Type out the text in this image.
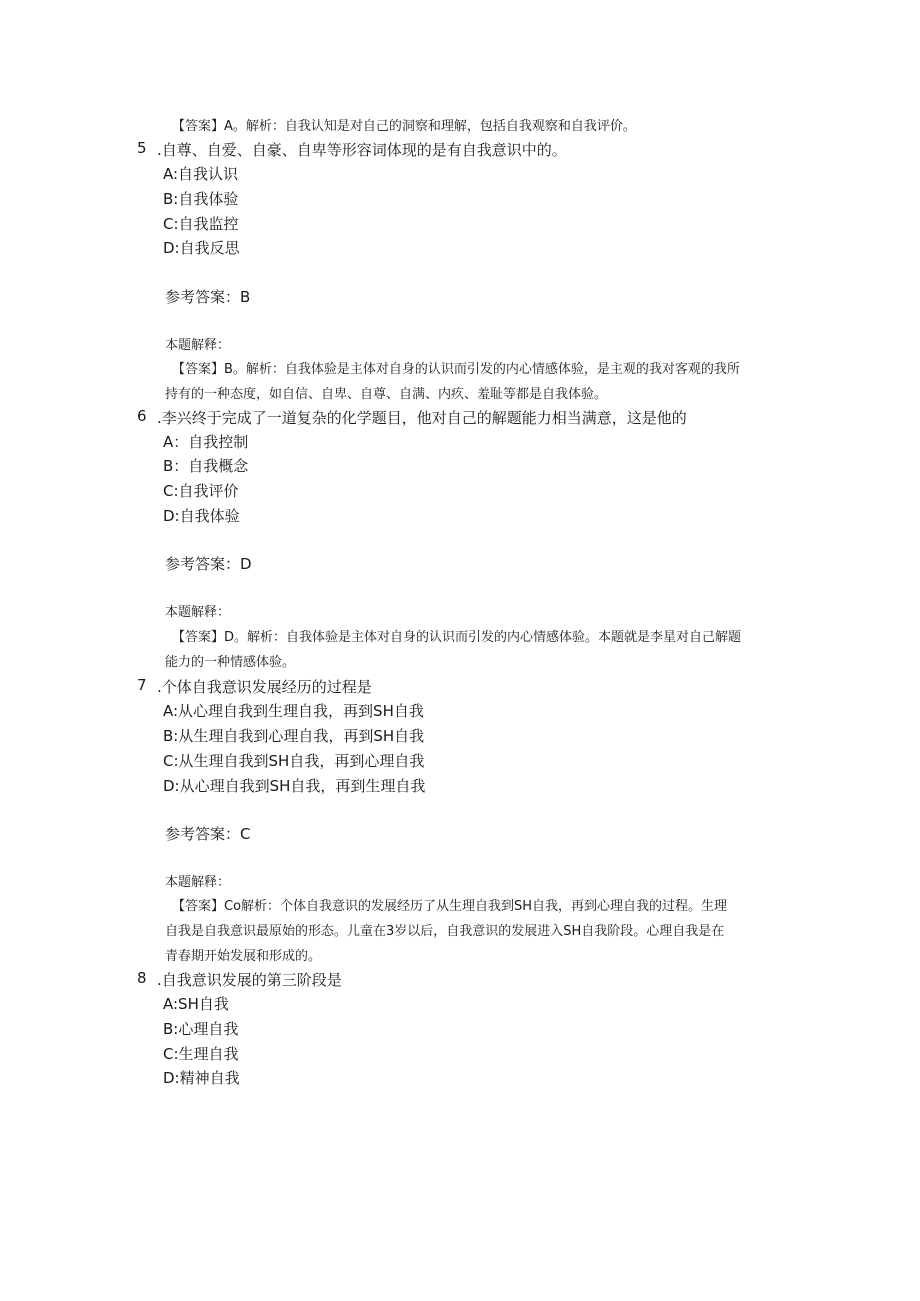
【答案】A。解析：自我认知是对自己的洞察和理解，包括自我观察和自我评价。
5 .自尊、自爱、自豪、自卑等形容词体现的是有自我意识中的。
A:自我认识
B:自我体验
C:自我监控
D:自我反思
参考答案：B
本题解释：
【答案】B。解析：自我体验是主体对自身的认识而引发的内心情感体验，是主观的我对客观的我所
持有的一种态度，如自信、自卑、自尊、自满、内疚、羞耻等都是自我体验。
6 .李兴终于完成了一道复杂的化学题目，他对自己的解题能力相当满意，这是他的
A：自我控制
B：自我概念
C:自我评价
D:自我体验
参考答案：D
本题解释：
【答案】D。解析：自我体验是主体对自身的认识而引发的内心情感体验。本题就是李星对自己解题
能力的一种情感体验。
7 .个体自我意识发展经历的过程是
A:从心理自我到生理自我，再到SH自我
B:从生理自我到心理自我，再到SH自我
C:从生理自我到SH自我，再到心理自我
D:从心理自我到SH自我，再到生理自我
参考答案：C
本题解释：
【答案】Co解析：个体自我意识的发展经历了从生理自我到SH自我，再到心理自我的过程。生理
自我是自我意识最原始的形态。儿童在3岁以后，自我意识的发展进入SH自我阶段。心理自我是在
青春期开始发展和形成的。
8 .自我意识发展的第三阶段是
A:SH自我
B:心理自我
C:生理自我
D:精神自我
